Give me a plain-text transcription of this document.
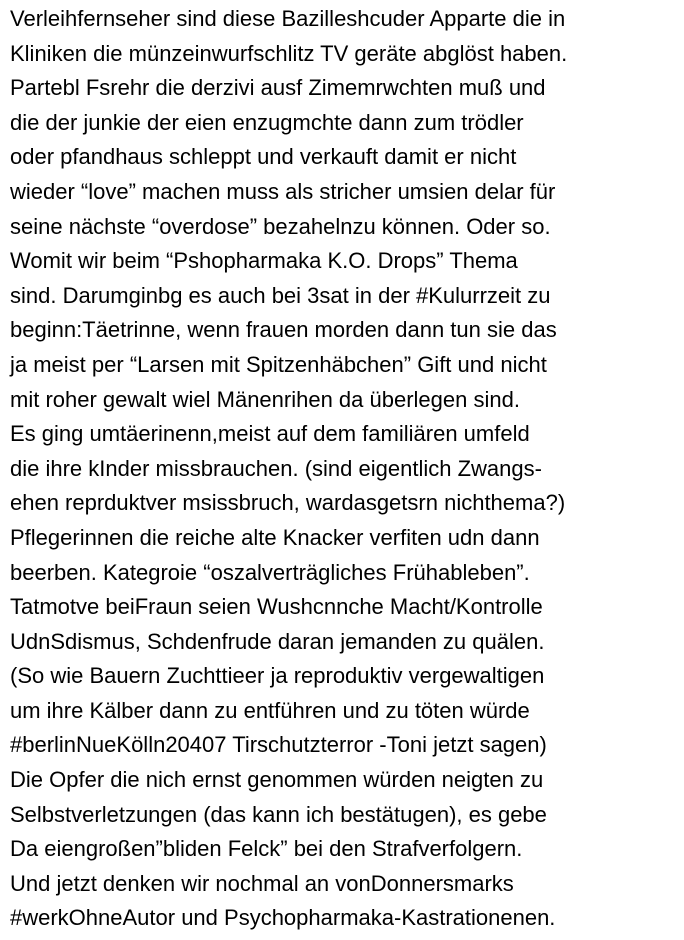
Verleihfernseher sind diese Bazilleshcuder Apparte die in
Kliniken die münzeinwurfschlitz TV geräte abglöst haben.
Partebl Fsrehr die derzivi ausf Zimemrwchten muß und
die der junkie der eien enzugmchte dann zum trödler
oder pfandhaus schleppt und verkauft damit er nicht
wieder “love” machen muss als stricher umsien delar für
seine nächste “overdose” bezahelnzu können. Oder so.
Womit wir beim “Pshopharmaka K.O. Drops” Thema
sind. Darumginbg es auch bei 3sat in der #Kulurrzeit zu
beginn:Täetrinne, wenn frauen morden dann tun sie das
ja meist per “Larsen mit Spitzenhäbchen” Gift und nicht
mit roher gewalt wiel Mänenrihen da überlegen sind.
Es ging umtäerinenn,meist auf dem familiären umfeld
die ihre kInder missbrauchen. (sind eigentlich Zwangs-
ehen reprduktver msissbruch, wardasgetsrn nichthema?)
Pflegerinnen die reiche alte Knacker verfiten udn dann
beerben. Kategroie “oszalverträgliches Frühableben”.
Tatmotve beiFraun seien Wushcnnche Macht/Kontrolle
UdnSdismus, Schdenfrude daran jemanden zu quälen.
(So wie Bauern Zuchttieer ja reproduktiv vergewaltigen
um ihre Kälber dann zu entführen und zu töten würde
#berlinNueKölln20407 Tirschutzterror -Toni jetzt sagen)
Die Opfer die nich ernst genommen würden neigten zu
Selbstverletzungen (das kann ich bestätugen), es gebe
Da eiengroßen”bliden Felck” bei den Strafverfolgern.
Und jetzt denken wir nochmal an vonDonnersmarks
#werkOhneAutor und Psychopharmaka-Kastrationenen.
